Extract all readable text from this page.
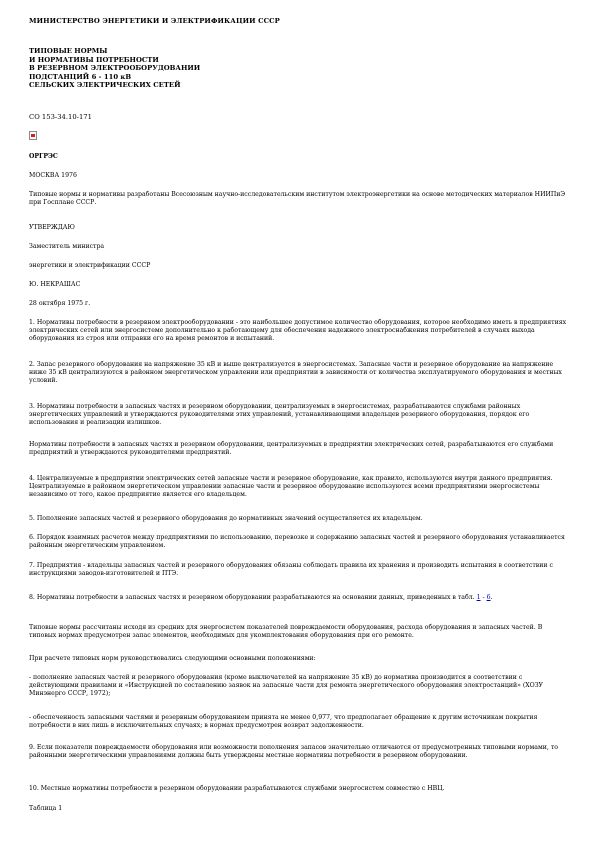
МИНИСТЕРСТВО ЭНЕРГЕТИКИ И ЭЛЕКТРИФИКАЦИИ СССР
ТИПОВЫЕ НОРМЫ
И НОРМАТИВЫ ПОТРЕБНОСТИ
В РЕЗЕРВНОМ ЭЛЕКТРООБОРУДОВАНИИ
ПОДСТАНЦИЙ 6 - 110 кВ
СЕЛЬСКИХ ЭЛЕКТРИЧЕСКИХ СЕТЕЙ
СО 153-34.10-171
ОРГРЭС
МОСКВА 1976
Типовые нормы и нормативы разработаны Всесоюзным научно-исследовательским институтом электроэнергетики на основе методических материалов НИИПиЭ при Госплане СССР.
УТВЕРЖДАЮ
Заместитель министра
энергетики и электрификации СССР
Ю. НЕКРАШАС
28 октября 1975 г.
1. Нормативы потребности в резервном электрооборудовании - это наибольшее допустимое количество оборудования, которое необходимо иметь в предприятиях электрических сетей или энергосистеме дополнительно к работающему для обеспечения надежного электроснабжения потребителей в случаях выхода оборудования из строя или отправки его на время ремонтов и испытаний.
2. Запас резервного оборудования на напряжение 35 кВ и выше централизуется в энергосистемах. Запасные части и резервное оборудование на напряжение ниже 35 кВ централизуются в районном энергетическом управлении или предприятии в зависимости от количества эксплуатируемого оборудования и местных условий.
3. Нормативы потребности в запасных частях и резервном оборудовании, централизуемых в энергосистемах, разрабатываются службами районных энергетических управлений и утверждаются руководителями этих управлений, устанавливающими владельцев резервного оборудования, порядок его использования и реализации излишков.
Нормативы потребности в запасных частях и резервном оборудовании, централизуемых в предприятии электрических сетей, разрабатываются его службами предприятий и утверждаются руководителями предприятий.
4. Централизуемые в предприятии электрических сетей запасные части и резервное оборудование, как правило, используются внутри данного предприятия. Централизуемые в районном энергетическом управлении запасные части и резервное оборудование используются всеми предприятиями энергосистемы независимо от того, какое предприятие является его владельцем.
5. Пополнение запасных частей и резервного оборудования до нормативных значений осуществляется их владельцем.
6. Порядок взаимных расчетов между предприятиями по использованию, перевозке и содержанию запасных частей и резервного оборудования устанавливается районным энергетическим управлением.
7. Предприятия - владельцы запасных частей и резервного оборудования обязаны соблюдать правила их хранения и производить испытания в соответствии с инструкциями заводов-изготовителей и ПТЭ.
8. Нормативы потребности в запасных частях и резервном оборудовании разрабатываются на основании данных, приведенных в табл. 1 - 6.
Типовые нормы рассчитаны исходя из средних для энергосистем показателей повреждаемости оборудования, расхода оборудования и запасных частей. В типовых нормах предусмотрен запас элементов, необходимых для укомплектования оборудования при его ремонте.
При расчете типовых норм руководствовались следующими основными положениями:
- пополнение запасных частей и резервного оборудования (кроме выключателей на напряжение 35 кВ) до норматива производится в соответствии с действующими правилами и «Инструкцией по составлению заявок на запасные части для ремонта энергетического оборудования электростанций» (ХОЗУ Минэнерго СССР, 1972);
- обеспеченность запасными частями и резервным оборудованием принята не менее 0,977, что предполагает обращение к другим источникам покрытия потребности в них лишь в исключительных случаях; в нормах предусмотрен возврат задолженности.
9. Если показатели повреждаемости оборудования или возможности пополнения запасов значительно отличаются от предусмотренных типовыми нормами, то районными энергетическими управлениями должны быть утверждены местные нормативы потребности в резервном оборудовании.
10. Местные нормативы потребности в резервном оборудовании разрабатываются службами энергосистем совместно с НВЦ.
Таблица 1
